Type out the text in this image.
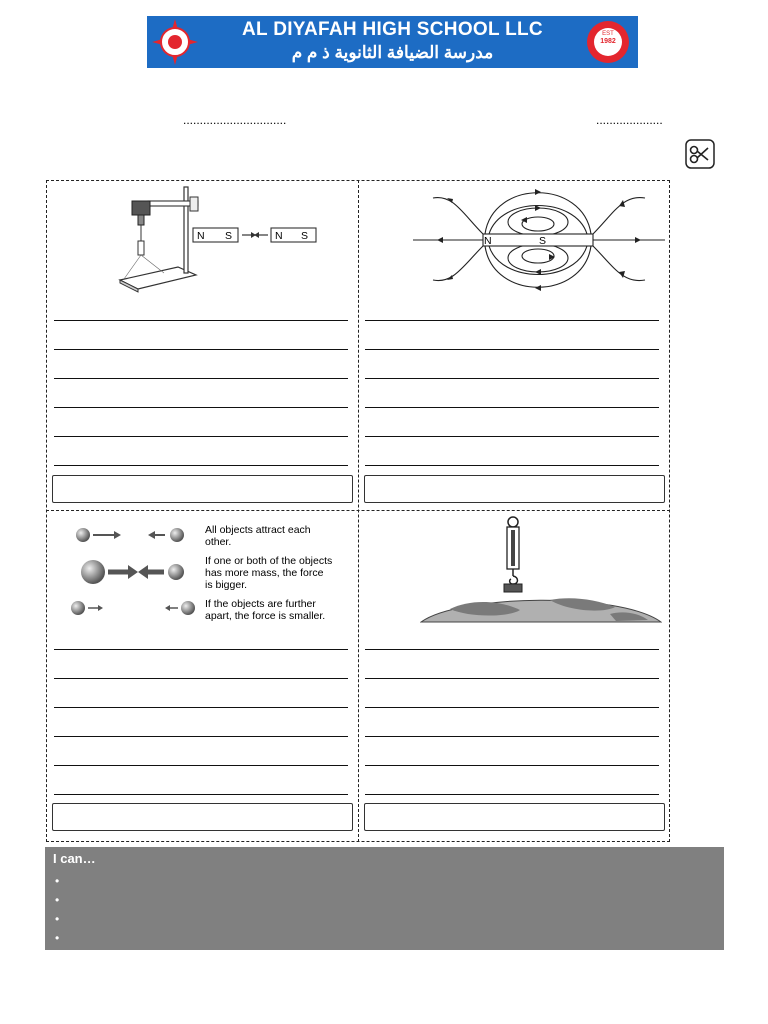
AL DIYAFAH HIGH SCHOOL LLC
مدرسة الضيافة الثانوية ذ م م
EST
1982
...............................	....................
N S	N S	N	S
All objects attract each
other.
If one or both of the objects
has more mass, the force
is bigger.
If the objects are further
apart, the force is smaller.
I can…
•
•
•
•
